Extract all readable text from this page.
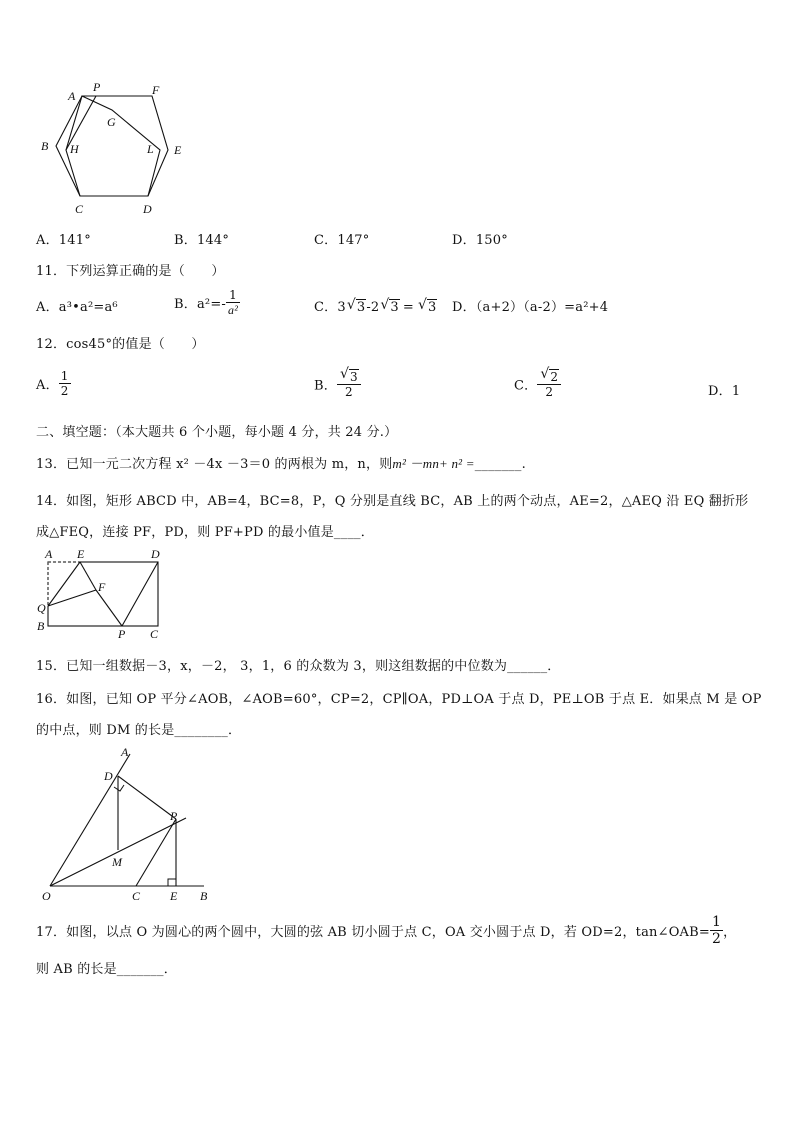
A
P	F
G
B H	L E
C	D
A．141°	B．144°	C．147°	D．150°
11．下列运算正确的是（　　）
A．a³•a²=a⁶	B．$a^2=- \frac{1}{\text{a²}}$	C．3 √ 3-2 √ 3 = √ 3 D．（a+2）（a-2）=a²+4
12．cos45°的值是（　　）
A． $\frac{1}{2}$	B． √ $\frac{3}{2}$	C． √ $\frac{2}{2}$	D．1
二、填空题：（本大题共 6 个小题，每小题 4 分，共 24 分.）
13．已知一元二次方程 x² －4x －3＝0 的两根为 m，n，则m² －mn+ n² =_______.
14．如图，矩形 ABCD 中，AB=4，BC=8，P，Q 分别是直线 BC，AB 上的两个动点，AE=2，△AEQ 沿 EQ 翻折形
成△FEQ，连接 PF，PD，则 PF+PD 的最小值是____．
A E	D
F
Q
B
P C
15．已知一组数据－3，x，－2， 3，1，6 的众数为 3，则这组数据的中位数为______．
16．如图，已知 OP 平分∠AOB，∠AOB=60°，CP=2，CP∥OA，PD⊥OA 于点 D，PE⊥OB 于点 E．如果点 M 是 OP
的中点，则 DM 的长是________．
A
D
P
M
O	C E B
17．如图，以点 O 为圆心的两个圆中，大圆的弦 AB 切小圆于点 C，OA 交小圆于点 D，若 OD=2，tan∠OAB= $\frac{1}{2}$ ，
则 AB 的长是_______．
